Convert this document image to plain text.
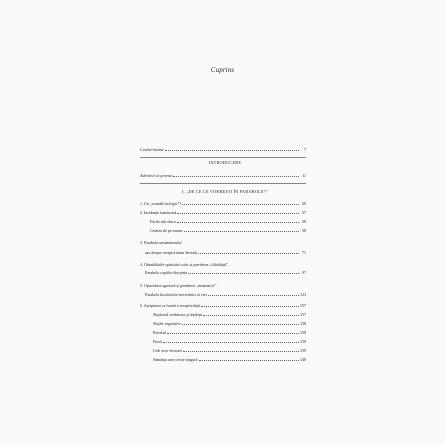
Cuprins
Cuvânt înainte	7
INTRODUCERE
Adevărul ca poveste	11
I. „DE CE LE VORBEȘTI ÎN PARABOLE?”
1. Un „scandal teologic”?	29
2. Incidența luminoasă	37
Făclia sub obroc	38
Cetatea de pe munte	38
3. Parabola semănătorului
sau despre receptivitatea deviată	71
4. Obnubilările spiritului critic și pierderea „filialității”.
Parabola copiilor din piețe	97
5. Opacitatea agresivă și pierderea „moștenirii”.
Parabola lucrătorilor nevrednici ai viei	123
6. Așteptarea ca formă a receptivității	157
Slujitorul credincios și înțelept	157
Slujile vegetative	158
Portarul	158
Furul	159
Cele zece fecioare	159
Sămânța care crește singură	140
